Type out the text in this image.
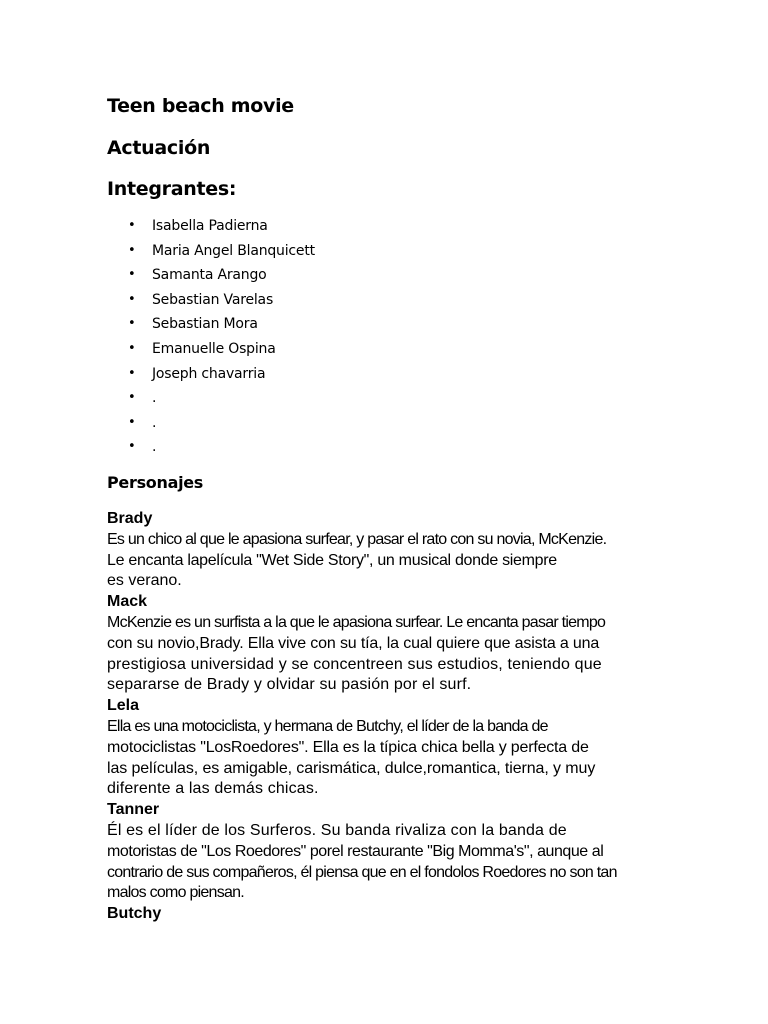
Teen beach movie
Actuación
Integrantes:
• Isabella Padierna
• Maria Angel Blanquicett
• Samanta Arango
• Sebastian Varelas
• Sebastian Mora
• Emanuelle Ospina
• Joseph chavarria
• .
• .
• .
Personajes
Brady
Es un chico al que le apasiona surfear, y pasar el rato con su novia, McKenzie.
Le encanta lapelícula "Wet Side Story", un musical donde siempre
es verano.
Mack
McKenzie es un surfista a la que le apasiona surfear. Le encanta pasar tiempo
con su novio,Brady. Ella vive con su tía, la cual quiere que asista a una
prestigiosa universidad y se concentreen sus estudios, teniendo que
separarse de Brady y olvidar su pasión por el surf.
Lela
Ella es una motociclista, y hermana de Butchy, el líder de la banda de
motociclistas "LosRoedores". Ella es la típica chica bella y perfecta de
las películas, es amigable, carismática, dulce,romantica, tierna, y muy
diferente a las demás chicas.
Tanner
Él es el líder de los Surferos. Su banda rivaliza con la banda de
motoristas de "Los Roedores" porel restaurante "Big Momma's", aunque al
contrario de sus compañeros, él piensa que en el fondolos Roedores no son tan
malos como piensan.
Butchy
